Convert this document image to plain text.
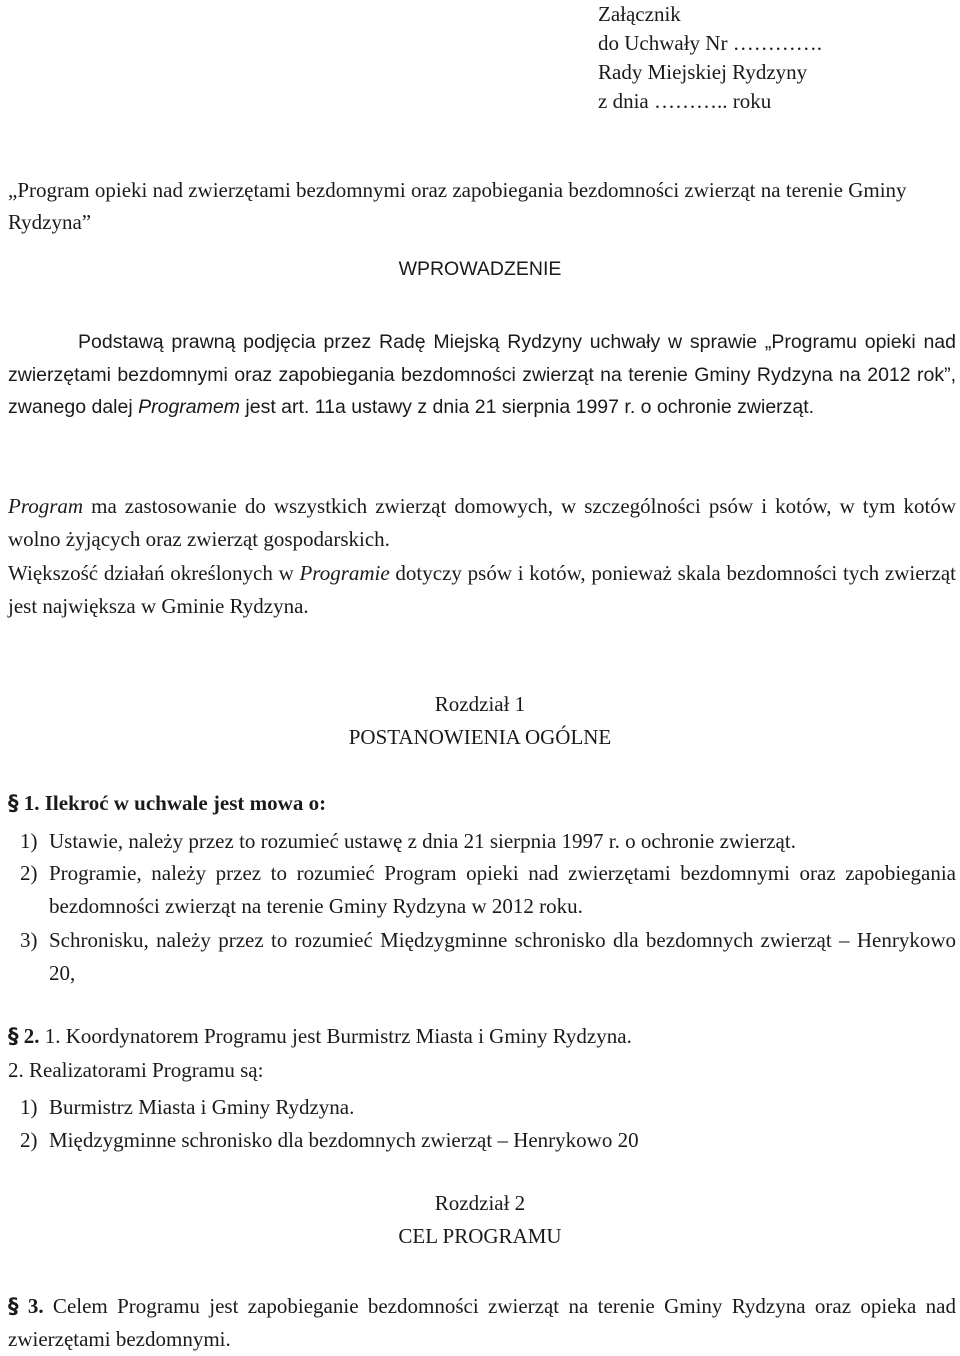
Załącznik
do Uchwały Nr ………….
Rady Miejskiej Rydzyny
z dnia ……….. roku
„Program opieki nad zwierzętami bezdomnymi oraz zapobiegania bezdomności zwierząt na terenie Gminy Rydzyna”
WPROWADZENIE
Podstawą prawną podjęcia przez Radę Miejską Rydzyny uchwały w sprawie „Programu opieki nad zwierzętami bezdomnymi oraz zapobiegania bezdomności zwierząt na terenie Gminy Rydzyna na 2012 rok”, zwanego dalej Programem jest art. 11a ustawy z dnia 21 sierpnia 1997 r. o ochronie zwierząt.
Program ma zastosowanie do wszystkich zwierząt domowych, w szczególności psów i kotów, w tym kotów wolno żyjących oraz zwierząt gospodarskich.
Większość działań określonych w Programie dotyczy psów i kotów, ponieważ skala bezdomności tych zwierząt jest największa w Gminie Rydzyna.
Rozdział 1
POSTANOWIENIA OGÓLNE
§ 1. Ilekroć w uchwale jest mowa o:
1) Ustawie, należy przez to rozumieć ustawę z dnia 21 sierpnia 1997 r. o ochronie zwierząt.
2) Programie, należy przez to rozumieć Program opieki nad zwierzętami bezdomnymi oraz zapobiegania bezdomności zwierząt na terenie Gminy Rydzyna w 2012 roku.
3) Schronisku, należy przez to rozumieć Międzygminne schronisko dla bezdomnych zwierząt – Henrykowo 20,
§ 2. 1. Koordynatorem Programu jest Burmistrz Miasta i Gminy Rydzyna.
2. Realizatorami Programu są:
1) Burmistrz Miasta i Gminy Rydzyna.
2) Międzygminne schronisko dla bezdomnych zwierząt – Henrykowo 20
Rozdział 2
CEL PROGRAMU
§ 3. Celem Programu jest zapobieganie bezdomności zwierząt na terenie Gminy Rydzyna oraz opieka nad zwierzętami bezdomnymi.
